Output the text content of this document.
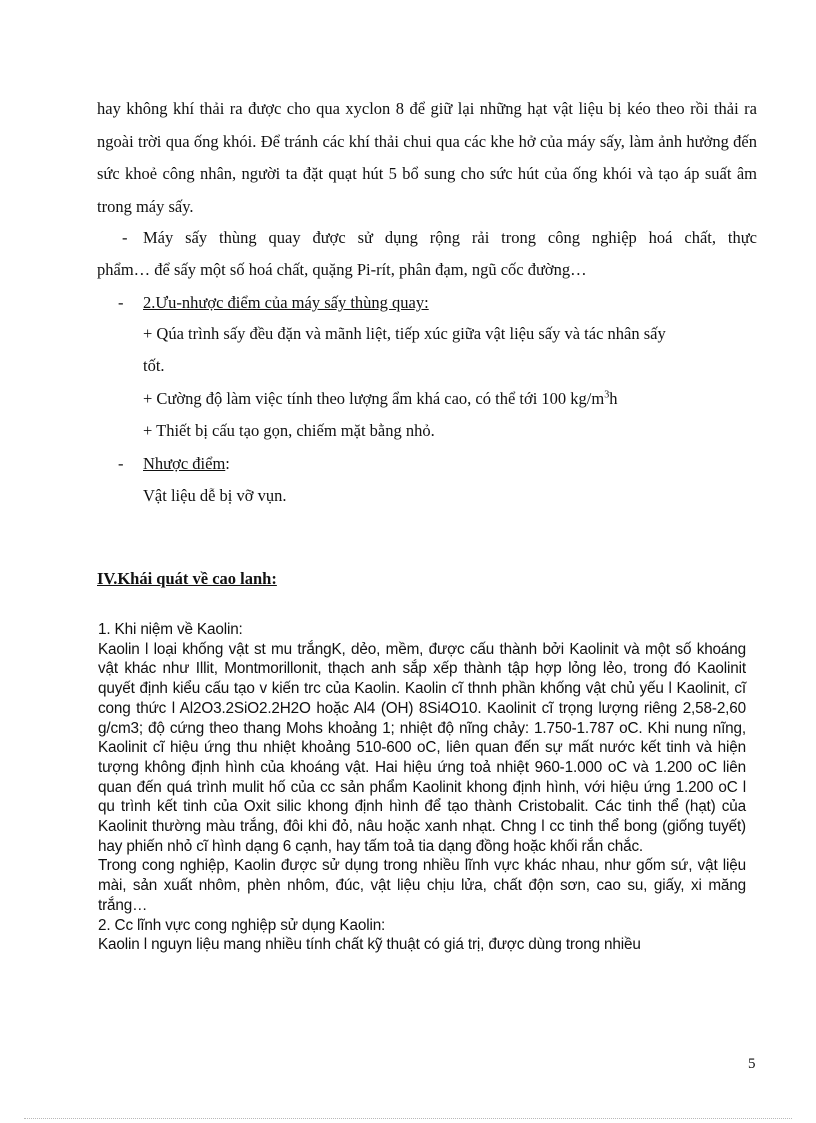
hay không khí thải ra được cho qua xyclon 8 để giữ lại những hạt vật liệu bị kéo theo rồi thải ra ngoài trời qua ống khói. Để tránh các khí thải chui qua các khe hở của máy sấy, làm ảnh hưởng đến sức khoẻ công nhân, người ta đặt quạt hút 5 bổ sung cho sức hút của ống khói và tạo áp suất âm trong máy sấy.

- Máy sấy thùng quay được sử dụng rộng rải trong công nghiệp hoá chất, thực
phẩm… để sấy một số hoá chất, quặng Pi-rít, phân đạm, ngũ cốc đường…
- 2.Ưu-nhược điểm của máy sấy thùng quay:
+ Qúa trình sấy đều đặn và mãnh liệt, tiếp xúc giữa vật liệu sấy và tác nhân sấy
tốt.
+ Cường độ làm việc tính theo lượng ẩm khá cao, có thể tới 100 $kg/m^3h$
+ Thiết bị cấu tạo gọn, chiếm mặt bằng nhỏ.
- Nhược điểm:
Vật liệu dễ bị vỡ vụn.
IV.Khái quát về cao lanh:

1. Khi niệm về Kaolin:

Kaolin l loại khống vật st mu trắngK, dẻo, mềm, được cấu thành bởi Kaolinit và một số khoáng vật khác như Illit, Montmorillonit, thạch anh sắp xếp thành tập hợp lỏng lẻo, trong đó Kaolinit quyết định kiểu cấu tạo v kiến trc của Kaolin. Kaolin cĩ thnh phần khống vật chủ yếu l Kaolinit, cĩ cong thức l Al2O3.2SiO2.2H2O hoặc Al4 (OH) 8Si4O10. Kaolinit cĩ trọng lượng riêng 2,58-2,60 g/cm3; độ cứng theo thang Mohs khoảng 1; nhiệt độ nĩng chảy: 1.750-1.787 oC. Khi nung nĩng, Kaolinit cĩ hiệu ứng thu nhiệt khoảng 510-600 oC, liên quan đến sự mất nước kết tinh và hiện tượng không định hình của khoáng vật. Hai hiệu ứng toả nhiệt 960-1.000 oC và 1.200 oC liên quan đến quá trình mulit hố của cc sản phẩm Kaolinit khong định hình, với hiệu ứng 1.200 oC l qu trình kết tinh của Oxit silic khong định hình để tạo thành Cristobalit. Các tinh thể (hạt) của Kaolinit thường màu trắng, đôi khi đỏ, nâu hoặc xanh nhạt. Chng l cc tinh thể bong (giống tuyết) hay phiến nhỏ cĩ hình dạng 6 cạnh, hay tấm toả tia dạng đồng hoặc khối rắn chắc.

Trong cong nghiệp, Kaolin được sử dụng trong nhiều lĩnh vực khác nhau, như gốm sứ, vật liệu mài, sản xuất nhôm, phèn nhôm, đúc, vật liệu chịu lửa, chất độn sơn, cao su, giấy, xi măng trắng…

2. Cc lĩnh vực cong nghiệp sử dụng Kaolin:

Kaolin l nguyn liệu mang nhiều tính chất kỹ thuật có giá trị, được dùng trong nhiều

5
